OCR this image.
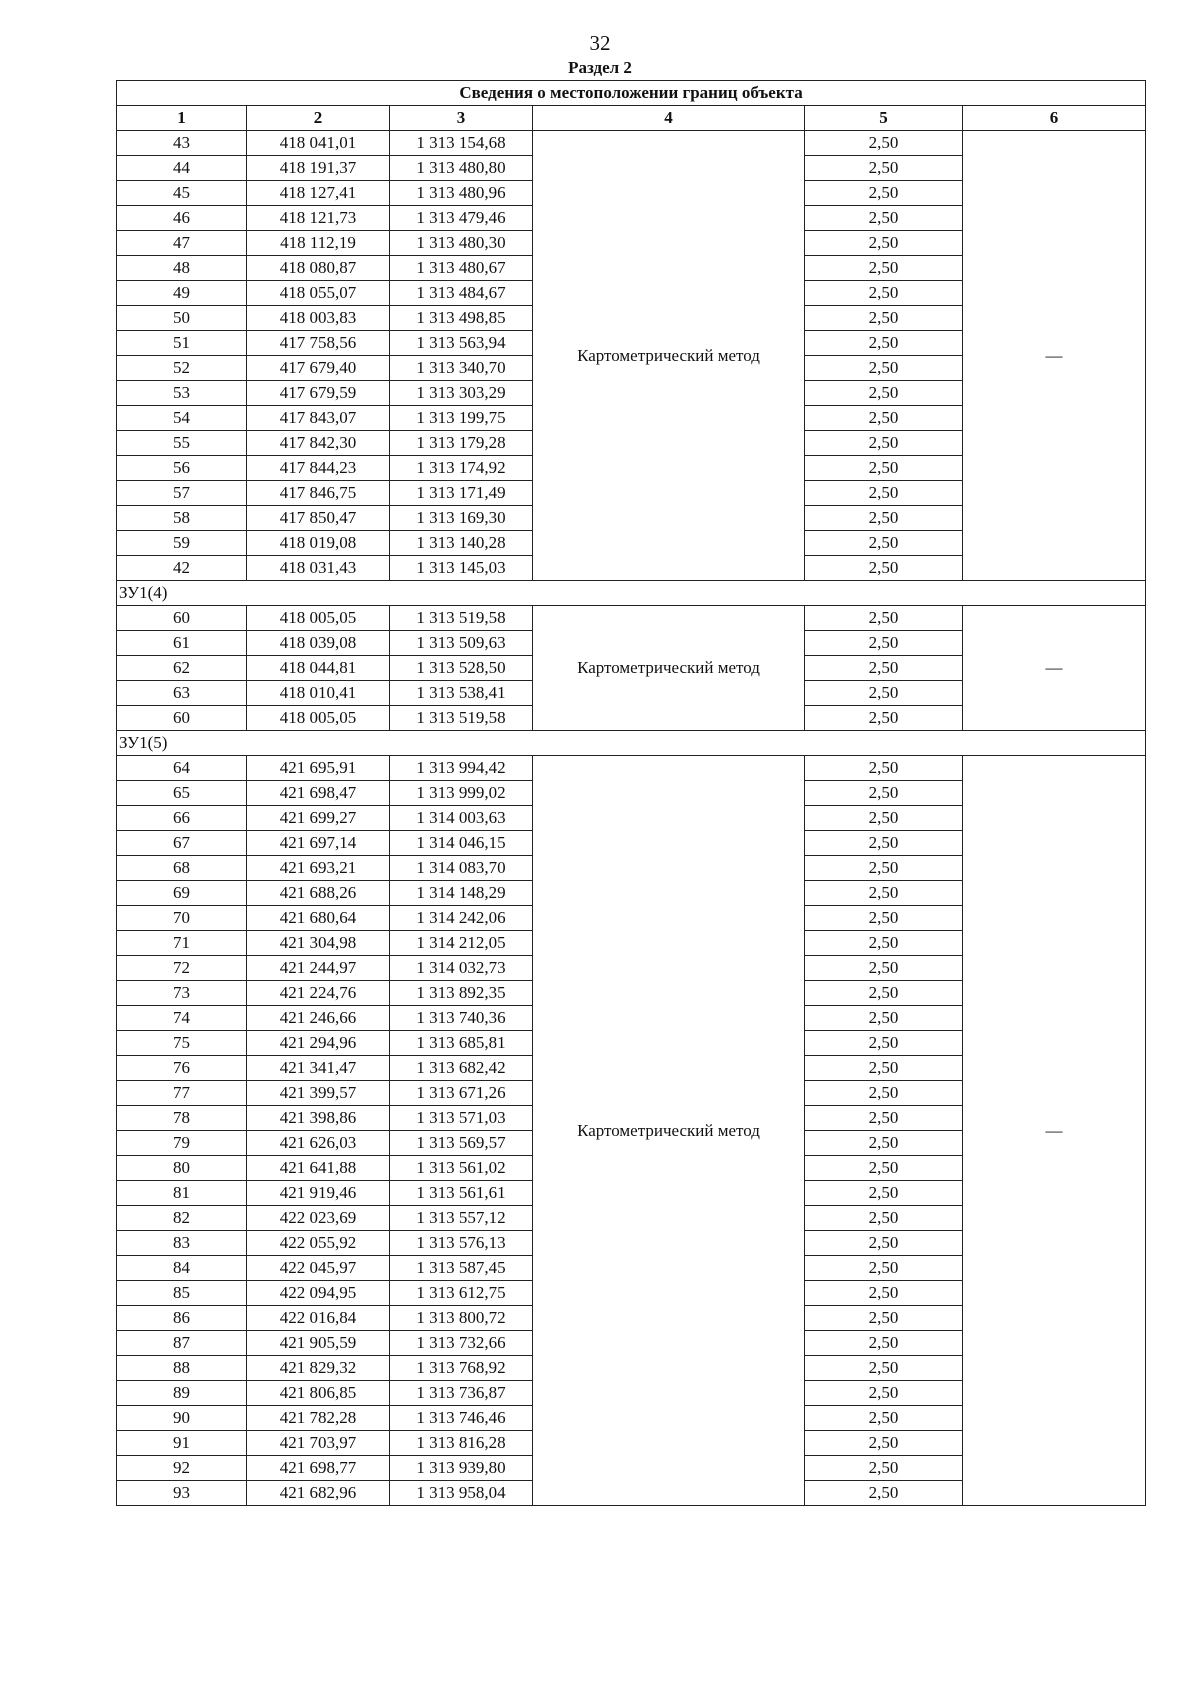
32
Раздел 2
Сведения о местоположении границ объекта					
1	2	3	4	5	6
43	418 041,01	1 313 154,68	Картометрический метод	2,50	—
44	418 191,37	1 313 480,80		2,50	
45	418 127,41	1 313 480,96		2,50	
46	418 121,73	1 313 479,46		2,50	
47	418 112,19	1 313 480,30		2,50	
48	418 080,87	1 313 480,67		2,50	
49	418 055,07	1 313 484,67		2,50	
50	418 003,83	1 313 498,85		2,50	
51	417 758,56	1 313 563,94		2,50	
52	417 679,40	1 313 340,70		2,50	
53	417 679,59	1 313 303,29		2,50	
54	417 843,07	1 313 199,75		2,50	
55	417 842,30	1 313 179,28		2,50	
56	417 844,23	1 313 174,92		2,50	
57	417 846,75	1 313 171,49		2,50	
58	417 850,47	1 313 169,30		2,50	
59	418 019,08	1 313 140,28		2,50	
42	418 031,43	1 313 145,03		2,50	
ЗУ1(4)					
60	418 005,05	1 313 519,58	Картометрический метод	2,50	—
61	418 039,08	1 313 509,63		2,50	
62	418 044,81	1 313 528,50		2,50	
63	418 010,41	1 313 538,41		2,50	
60	418 005,05	1 313 519,58		2,50	
ЗУ1(5)					
64	421 695,91	1 313 994,42	Картометрический метод	2,50	—
65	421 698,47	1 313 999,02		2,50	
66	421 699,27	1 314 003,63		2,50	
67	421 697,14	1 314 046,15		2,50	
68	421 693,21	1 314 083,70		2,50	
69	421 688,26	1 314 148,29		2,50	
70	421 680,64	1 314 242,06		2,50	
71	421 304,98	1 314 212,05		2,50	
72	421 244,97	1 314 032,73		2,50	
73	421 224,76	1 313 892,35		2,50	
74	421 246,66	1 313 740,36		2,50	
75	421 294,96	1 313 685,81		2,50	
76	421 341,47	1 313 682,42		2,50	
77	421 399,57	1 313 671,26		2,50	
78	421 398,86	1 313 571,03		2,50	
79	421 626,03	1 313 569,57		2,50	
80	421 641,88	1 313 561,02		2,50	
81	421 919,46	1 313 561,61		2,50	
82	422 023,69	1 313 557,12		2,50	
83	422 055,92	1 313 576,13		2,50	
84	422 045,97	1 313 587,45		2,50	
85	422 094,95	1 313 612,75		2,50	
86	422 016,84	1 313 800,72		2,50	
87	421 905,59	1 313 732,66		2,50	
88	421 829,32	1 313 768,92		2,50	
89	421 806,85	1 313 736,87		2,50	
90	421 782,28	1 313 746,46		2,50	
91	421 703,97	1 313 816,28		2,50	
92	421 698,77	1 313 939,80		2,50	
93	421 682,96	1 313 958,04		2,50	
